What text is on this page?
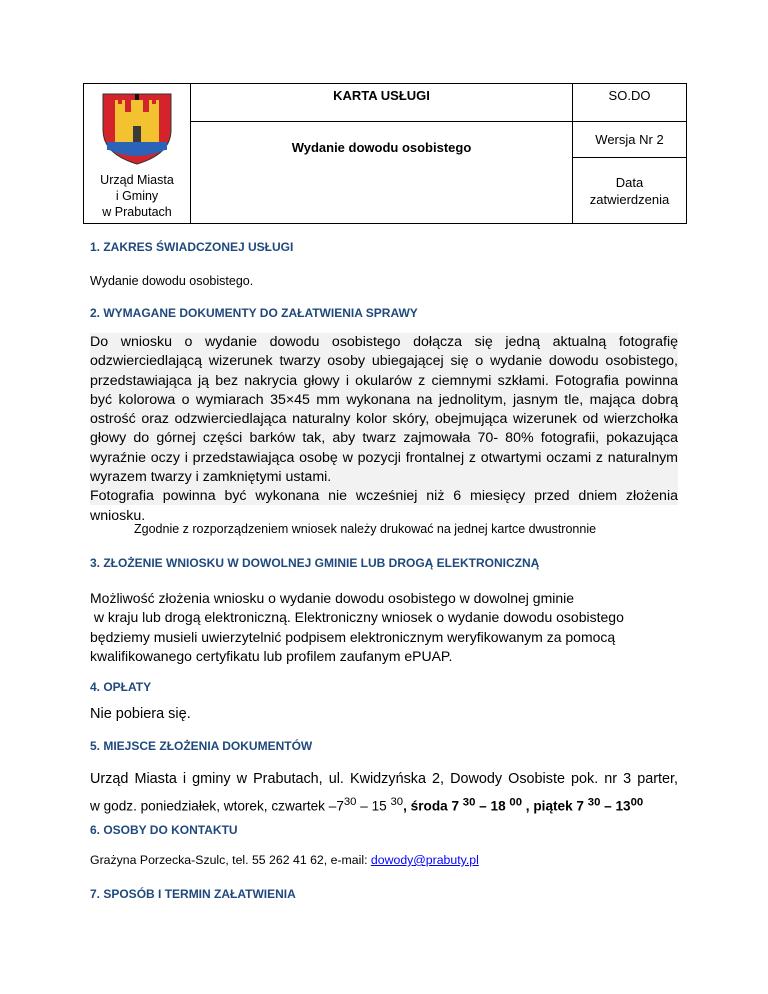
Urząd Miasta
i Gminy
w Prabutach	KARTA USŁUGI	SO.DO
	Wydanie dowodu osobistego	Wersja Nr 2
		Data zatwierdzenia
1. ZAKRES ŚWIADCZONEJ USŁUGI
Wydanie dowodu osobistego.
2. WYMAGANE DOKUMENTY DO ZAŁATWIENIA SPRAWY
Do wniosku o wydanie dowodu osobistego dołącza się jedną aktualną fotografię odzwierciedlającą wizerunek twarzy osoby ubiegającej się o wydanie dowodu osobistego, przedstawiająca ją bez nakrycia głowy i okularów z ciemnymi szkłami. Fotografia powinna być kolorowa o wymiarach 35×45 mm wykonana na jednolitym, jasnym tle, mająca dobrą ostrość oraz odzwierciedlająca naturalny kolor skóry, obejmująca wizerunek od wierzchołka głowy do górnej części barków tak, aby twarz zajmowała 70- 80% fotografii, pokazująca wyraźnie oczy i przedstawiająca osobę w pozycji frontalnej z otwartymi oczami z naturalnym wyrazem twarzy i zamkniętymi ustami.
Fotografia powinna być wykonana nie wcześniej niż 6 miesięcy przed dniem złożenia wniosku.
Zgodnie z rozporządzeniem wniosek należy drukować na jednej kartce dwustronnie
3. ZŁOŻENIE WNIOSKU W DOWOLNEJ GMINIE LUB DROGĄ ELEKTRONICZNĄ
Możliwość złożenia wniosku o wydanie dowodu osobistego w dowolnej gminie
w kraju lub drogą elektroniczną. Elektroniczny wniosek o wydanie dowodu osobistego
będziemy musieli uwierzytelnić podpisem elektronicznym weryfikowanym za pomocą
kwalifikowanego certyfikatu lub profilem zaufanym ePUAP.
4. OPŁATY
Nie pobiera się.
5. MIEJSCE ZŁOŻENIA DOKUMENTÓW
Urząd Miasta i gminy w Prabutach, ul. Kwidzyńska 2, Dowody Osobiste pok. nr 3 parter,
w godz. poniedziałek, wtorek, czwartek $-7^{30} - 15$ $^{30}$, środa 7 $^{30}$ – 18 $^{00}$ , piątek 7 $^{30} - 13^{00}$
6. OSOBY DO KONTAKTU
Grażyna Porzecka-Szulc, tel. 55 262 41 62, e-mail: dowody@prabuty.pl
7. SPOSÓB I TERMIN ZAŁATWIENIA
